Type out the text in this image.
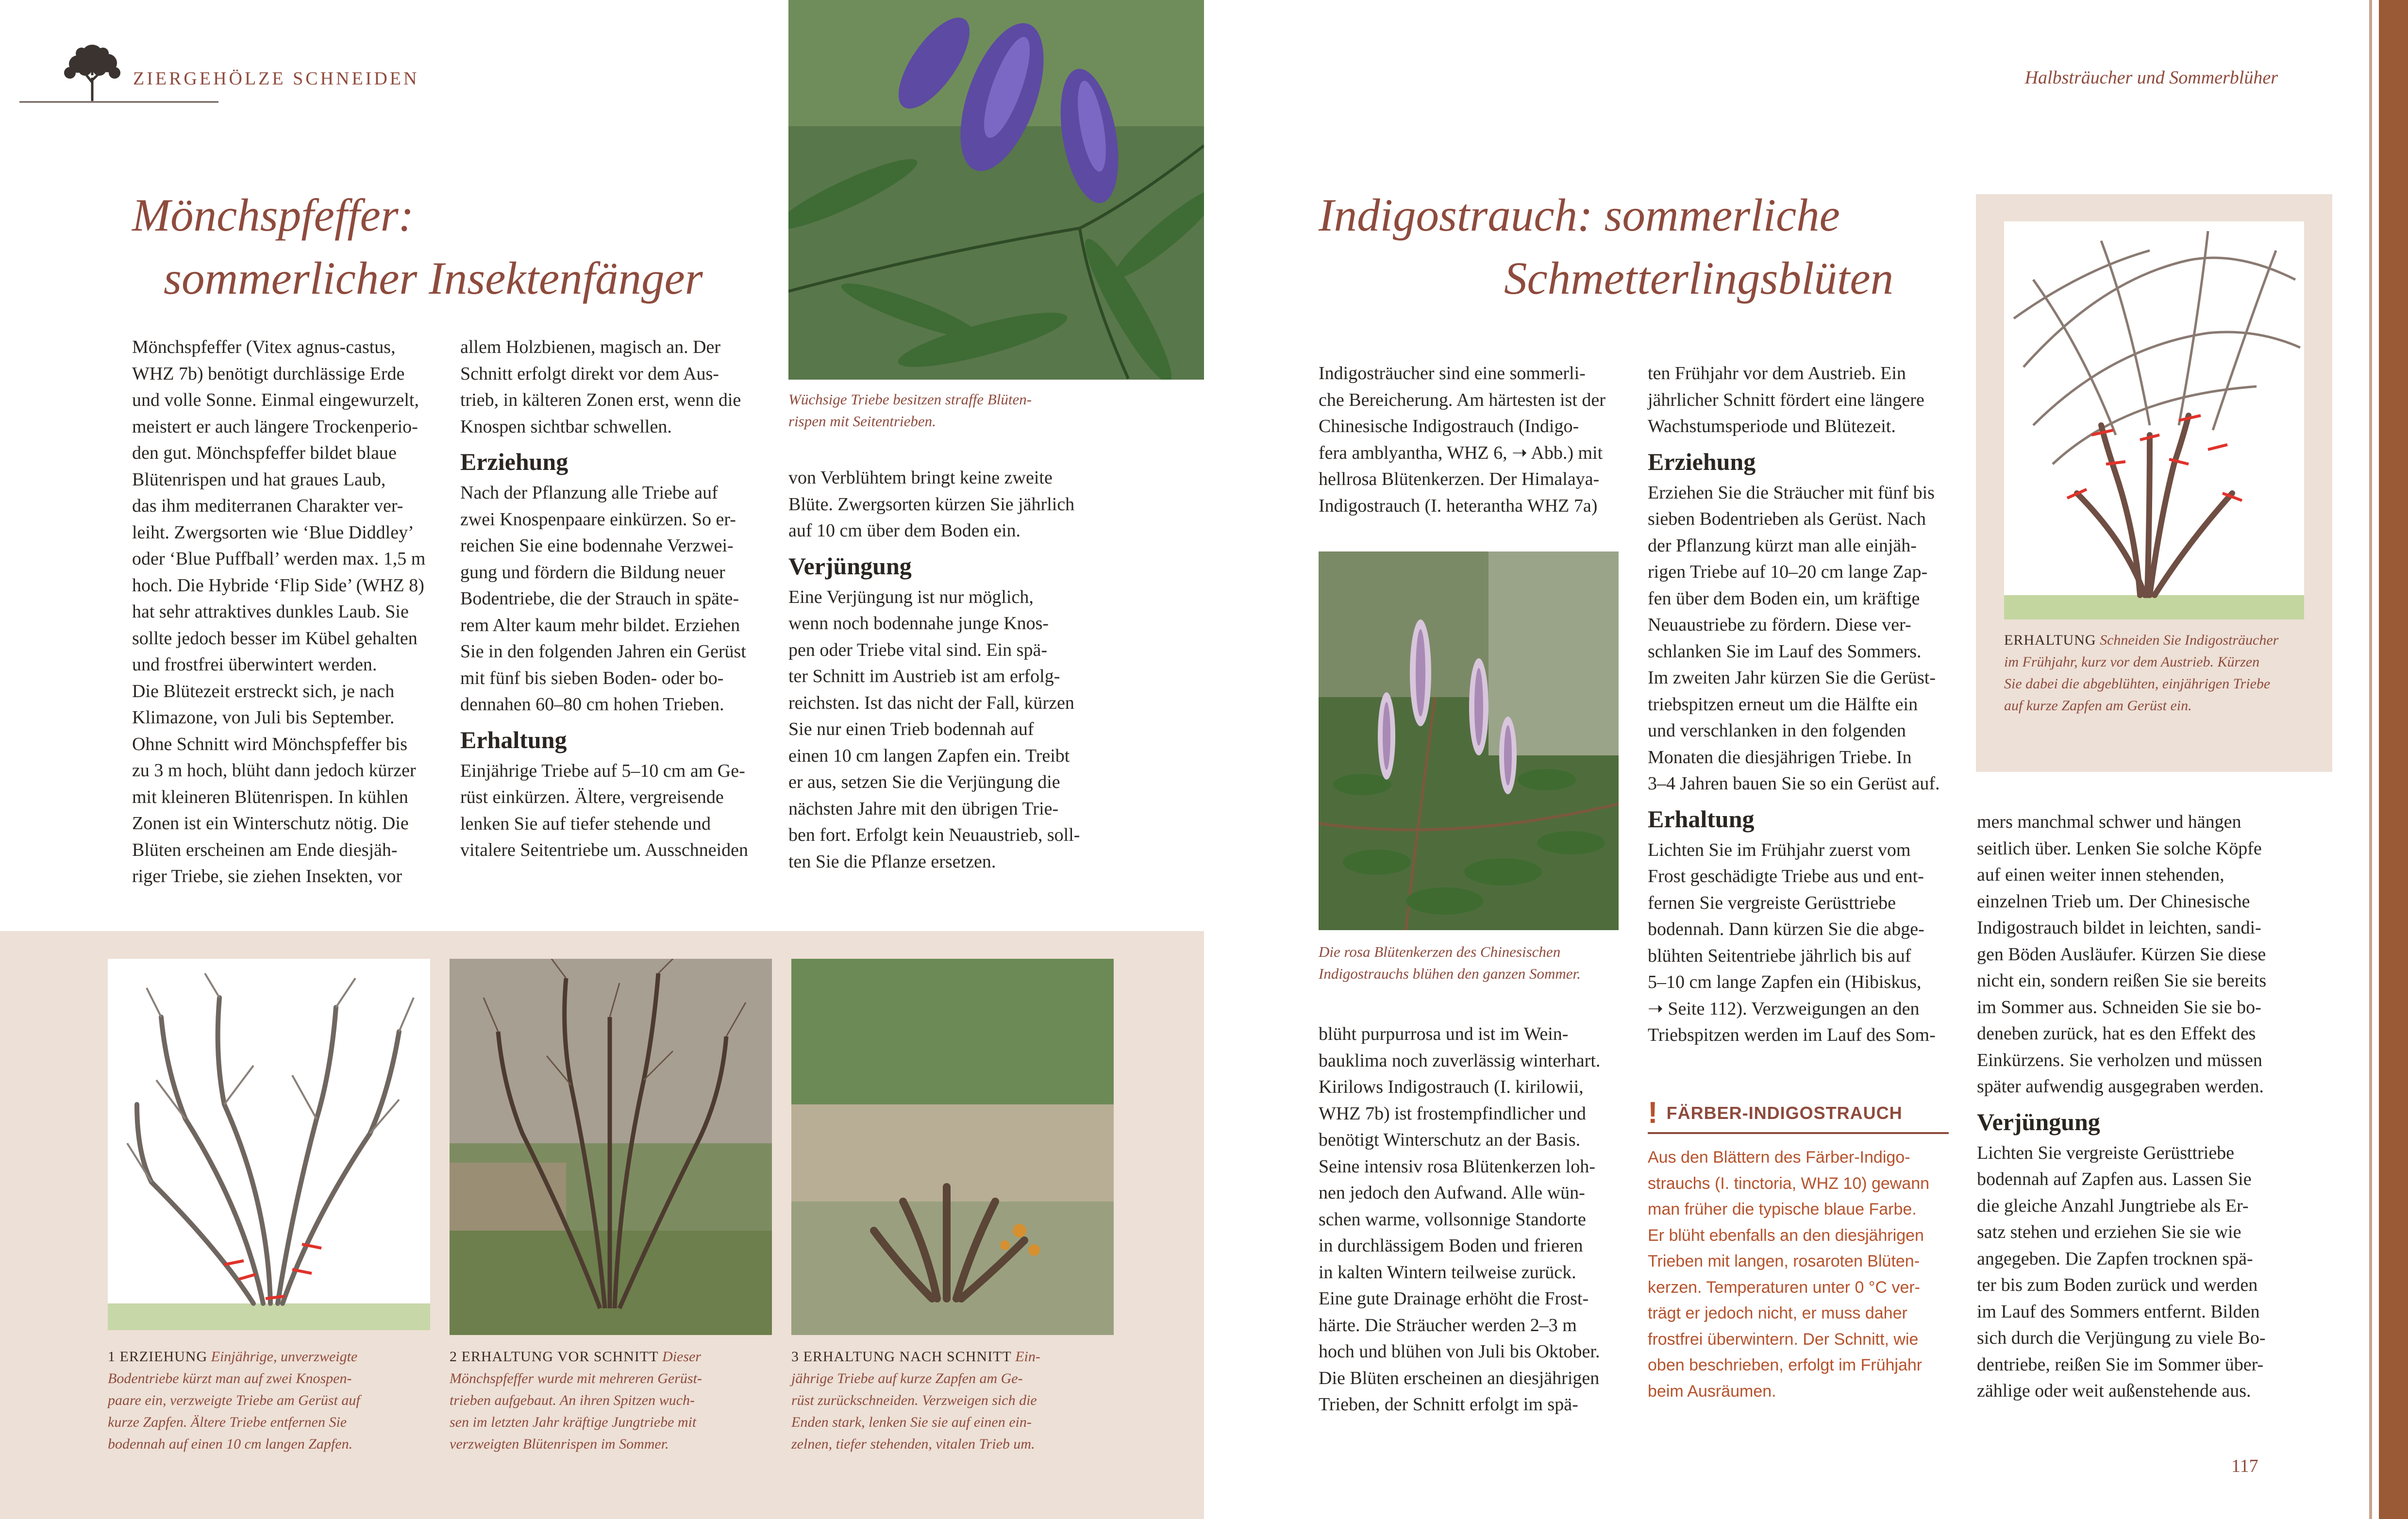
ZIERGEHÖLZE SCHNEIDEN	Halbsträucher und Sommerblüher
Mönchspfeffer:
sommerlicher Insektenfänger
Wüchsige Triebe besitzen straffe Blüten-
rispen mit Seitentrieben.

Mönchspfeffer (Vitex agnus-castus,

WHZ 7b) benötigt durchlässige Erde

und volle Sonne. Einmal eingewurzelt,

meistert er auch längere Trockenperio-

den gut. Mönchspfeffer bildet blaue

Blütenrispen und hat graues Laub,

das ihm mediterranen Charakter ver-

leiht. Zwergsorten wie ‘Blue Diddley’

oder ‘Blue Puffball’ werden max. 1,5 m

hoch. Die Hybride ‘Flip Side’ (WHZ 8)

hat sehr attraktives dunkles Laub. Sie

sollte jedoch besser im Kübel gehalten

und frostfrei überwintert werden.

Die Blütezeit erstreckt sich, je nach

Klimazone, von Juli bis September.

Ohne Schnitt wird Mönchspfeffer bis

zu 3 m hoch, blüht dann jedoch kürzer

mit kleineren Blütenrispen. In kühlen

Zonen ist ein Winterschutz nötig. Die

Blüten erscheinen am Ende diesjäh-

riger Triebe, sie ziehen Insekten, vor

allem Holzbienen, magisch an. Der

Schnitt erfolgt direkt vor dem Aus-

trieb, in kälteren Zonen erst, wenn die

Knospen sichtbar schwellen.

Erziehung

Nach der Pflanzung alle Triebe auf

zwei Knospenpaare einkürzen. So er-

reichen Sie eine bodennahe Verzwei-

gung und fördern die Bildung neuer

Bodentriebe, die der Strauch in späte-

rem Alter kaum mehr bildet. Erziehen

Sie in den folgenden Jahren ein Gerüst

mit fünf bis sieben Boden- oder bo-

dennahen 60–80 cm hohen Trieben.

Erhaltung

Einjährige Triebe auf 5–10 cm am Ge-

rüst einkürzen. Ältere, vergreisende

lenken Sie auf tiefer stehende und

vitalere Seitentriebe um. Ausschneiden

von Verblühtem bringt keine zweite

Blüte. Zwergsorten kürzen Sie jährlich

auf 10 cm über dem Boden ein.

Verjüngung

Eine Verjüngung ist nur möglich,

wenn noch bodennahe junge Knos-

pen oder Triebe vital sind. Ein spä-

ter Schnitt im Austrieb ist am erfolg-

reichsten. Ist das nicht der Fall, kürzen

Sie nur einen Trieb bodennah auf

einen 10 cm langen Zapfen ein. Treibt

er aus, setzen Sie die Verjüngung die

nächsten Jahre mit den übrigen Trie-

ben fort. Erfolgt kein Neuaustrieb, soll-

ten Sie die Pflanze ersetzen.

1 ERZIEHUNG Einjährige, unverzweigte
Bodentriebe kürzt man auf zwei Knospen-
paare ein, verzweigte Triebe am Gerüst auf
kurze Zapfen. Ältere Triebe entfernen Sie
bodennah auf einen 10 cm langen Zapfen.
2 ERHALTUNG VOR SCHNITT Dieser
Mönchspfeffer wurde mit mehreren Gerüst-
trieben aufgebaut. An ihren Spitzen wuch-
sen im letzten Jahr kräftige Jungtriebe mit
verzweigten Blütenrispen im Sommer.
3 ERHALTUNG NACH SCHNITT Ein-
jährige Triebe auf kurze Zapfen am Ge-
rüst zurückschneiden. Verzweigen sich die
Enden stark, lenken Sie sie auf einen ein-
zelnen, tiefer stehenden, vitalen Trieb um.
Indigostrauch: sommerliche
Schmetterlingsblüten
Die rosa Blütenkerzen des Chinesischen
Indigostrauchs blühen den ganzen Sommer.

Indigosträucher sind eine sommerli-

che Bereicherung. Am härtesten ist der

Chinesische Indigostrauch (Indigo-

fera amblyantha, WHZ 6, ➝ Abb.) mit

hellrosa Blütenkerzen. Der Himalaya-

Indigostrauch (I. heterantha WHZ 7a)

blüht purpurrosa und ist im Wein-

bauklima noch zuverlässig winterhart.

Kirilows Indigostrauch (I. kirilowii,

WHZ 7b) ist frostempfindlicher und

benötigt Winterschutz an der Basis.

Seine intensiv rosa Blütenkerzen loh-

nen jedoch den Aufwand. Alle wün-

schen warme, vollsonnige Standorte

in durchlässigem Boden und frieren

in kalten Wintern teilweise zurück.

Eine gute Drainage erhöht die Frost-

härte. Die Sträucher werden 2–3 m

hoch und blühen von Juli bis Oktober.

Die Blüten erscheinen an diesjährigen

Trieben, der Schnitt erfolgt im spä-

ten Frühjahr vor dem Austrieb. Ein

jährlicher Schnitt fördert eine längere

Wachstumsperiode und Blütezeit.

Erziehung

Erziehen Sie die Sträucher mit fünf bis

sieben Bodentrieben als Gerüst. Nach

der Pflanzung kürzt man alle einjäh-

rigen Triebe auf 10–20 cm lange Zap-

fen über dem Boden ein, um kräftige

Neuaustriebe zu fördern. Diese ver-

schlanken Sie im Lauf des Sommers.

Im zweiten Jahr kürzen Sie die Gerüst-

triebspitzen erneut um die Hälfte ein

und verschlanken in den folgenden

Monaten die diesjährigen Triebe. In

3–4 Jahren bauen Sie so ein Gerüst auf.

Erhaltung

Lichten Sie im Frühjahr zuerst vom

Frost geschädigte Triebe aus und ent-

fernen Sie vergreiste Gerüsttriebe

bodennah. Dann kürzen Sie die abge-

blühten Seitentriebe jährlich bis auf

5–10 cm lange Zapfen ein (Hibiskus,

➝ Seite 112). Verzweigungen an den

Triebspitzen werden im Lauf des Som-

! FÄRBER-INDIGOSTRAUCH
Aus den Blättern des Färber-Indigo-
strauchs (I. tinctoria, WHZ 10) gewann
man früher die typische blaue Farbe.
Er blüht ebenfalls an den diesjährigen
Trieben mit langen, rosaroten Blüten-
kerzen. Temperaturen unter 0 °C ver-
trägt er jedoch nicht, er muss daher
frostfrei überwintern. Der Schnitt, wie
oben beschrieben, erfolgt im Frühjahr
beim Ausräumen.
ERHALTUNG Schneiden Sie Indigosträucher
im Frühjahr, kurz vor dem Austrieb. Kürzen
Sie dabei die abgeblühten, einjährigen Triebe
auf kurze Zapfen am Gerüst ein.

mers manchmal schwer und hängen

seitlich über. Lenken Sie solche Köpfe

auf einen weiter innen stehenden,

einzelnen Trieb um. Der Chinesische

Indigostrauch bildet in leichten, sandi-

gen Böden Ausläufer. Kürzen Sie diese

nicht ein, sondern reißen Sie sie bereits

im Sommer aus. Schneiden Sie sie bo-

deneben zurück, hat es den Effekt des

Einkürzens. Sie verholzen und müssen

später aufwendig ausgegraben werden.

Verjüngung

Lichten Sie vergreiste Gerüsttriebe

bodennah auf Zapfen aus. Lassen Sie

die gleiche Anzahl Jungtriebe als Er-

satz stehen und erziehen Sie sie wie

angegeben. Die Zapfen trocknen spä-

ter bis zum Boden zurück und werden

im Lauf des Sommers entfernt. Bilden

sich durch die Verjüngung zu viele Bo-

dentriebe, reißen Sie im Sommer über-

zählige oder weit außenstehende aus.

117
